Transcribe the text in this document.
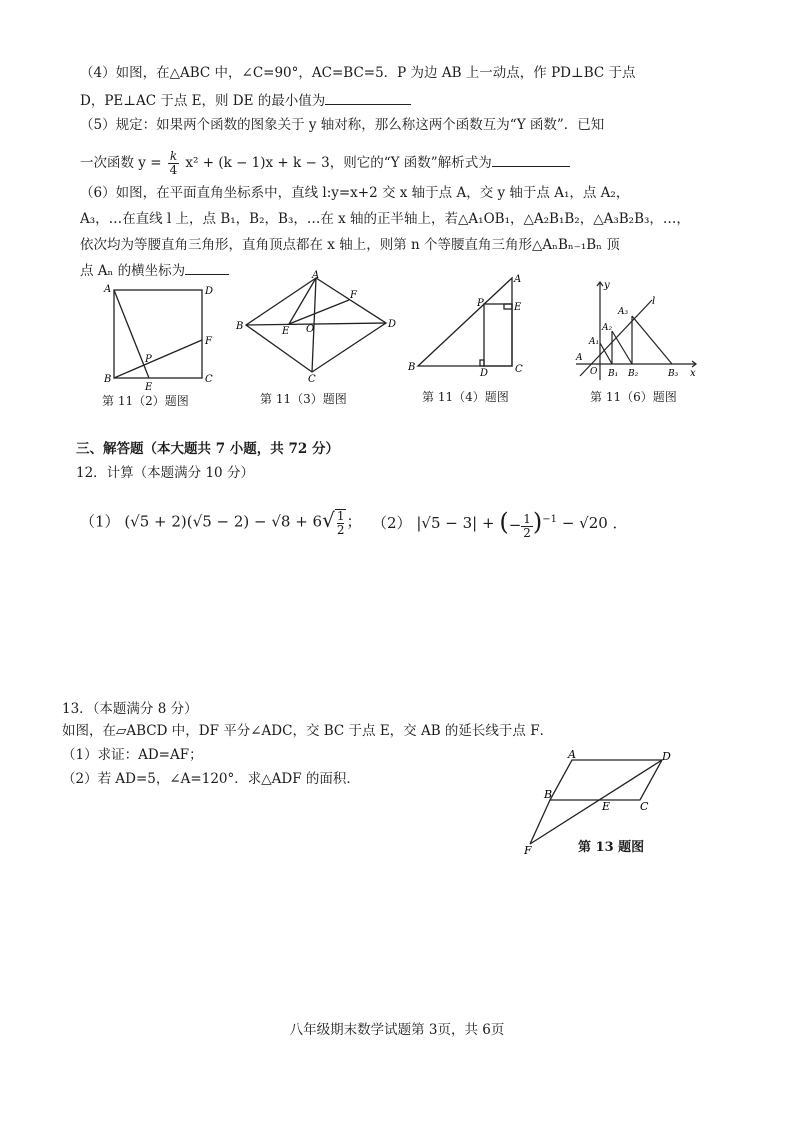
（4）如图，在△ABC 中，∠C=90°，AC=BC=5．P 为边 AB 上一动点，作 PD⊥BC 于点
D，PE⊥AC 于点 E，则 DE 的最小值为
（5）规定：如果两个函数的图象关于 y 轴对称，那么称这两个函数互为“Y 函数”．已知
一次函数 $y = \frac{k}{4} x^2 + (k - 1)x + k - 3$，则它的“Y 函数”解析式为
（6）如图，在平面直角坐标系中，直线 l:y=x+2 交 x 轴于点 A，交 y 轴于点 A₁，点 A₂，
A₃，…在直线 l 上，点 B₁，B₂，B₃，…在 x 轴的正半轴上，若△A₁OB₁，△A₂B₁B₂，△A₃B₂B₃，…，
依次均为等腰直角三角形，直角顶点都在 x 轴上，则第 n 个等腰直角三角形△AₙBₙ₋₁Bₙ 顶
点 Aₙ 的横坐标为
A	D
B	C
P
E
F
第 11（2）题图
A
B
C
D
E
F
O
第 11（3）题图
A
B	C
D
E
P
第 11（4）题图
y
x
l
O
A
A₁
A₂
A₃
B₁ B₂	B₃
第 11（6）题图
三、解答题（本大题共 7 小题，共 72 分）
12．计算（本题满分 10 分）
（1） $(√5 + 2)(√5 - 2) - √8 + 6√ \frac{1}{2}$ ； （2） |√5 − 3| + (− $\frac{1}{2} )^{-1} - √20$ ．
13．（本题满分 8 分）
如图，在▱ABCD 中，DF 平分∠ADC，交 BC 于点 E，交 AB 的延长线于点 F．
（1）求证：AD=AF；
（2）若 AD=5，∠A=120°．求△ADF 的面积．
A	D
B
E	C
F	第 13 题图
八年级期末数学试题第 3页，共 6页
